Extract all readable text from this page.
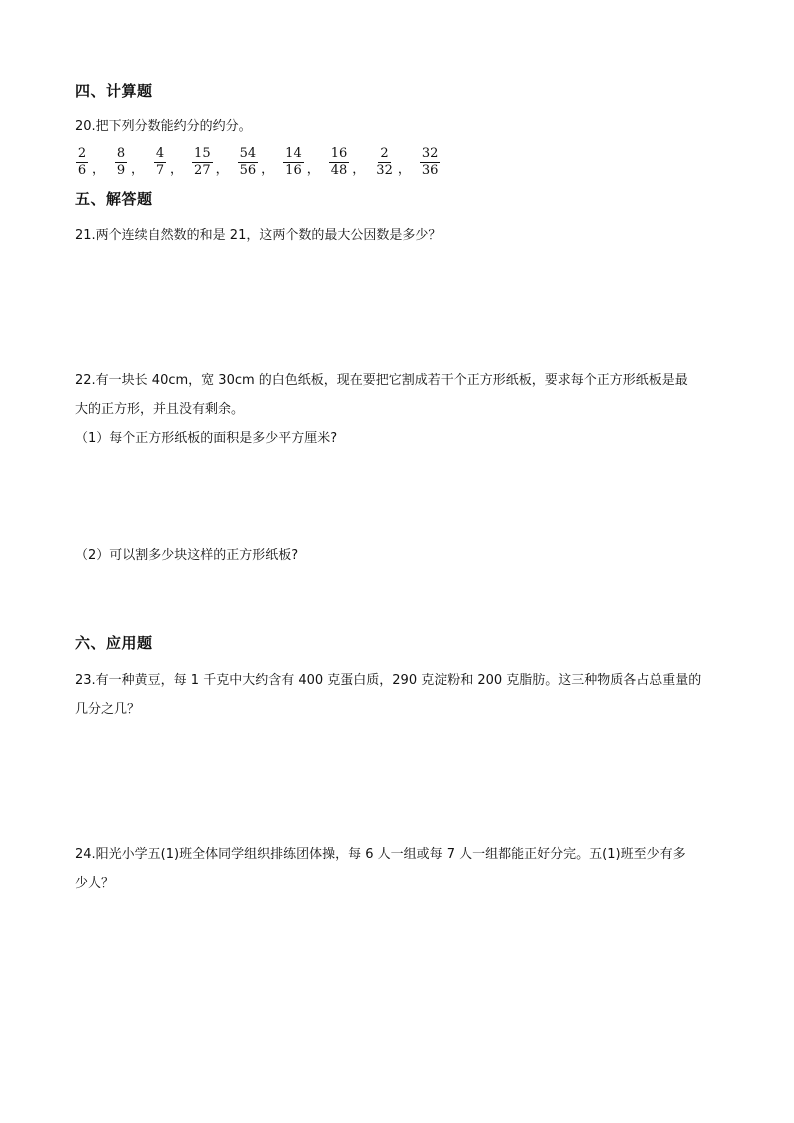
四、计算题
20.把下列分数能约分的约分。
$\frac{2}{6}$ ， $\frac{8}{9}$ ， $\frac{4}{7}$ ， $\frac{15}{27}$ ， $\frac{54}{56}$ ， $\frac{14}{16}$ ， $\frac{16}{48}$ ， $\frac{2}{32}$ ， $\frac{32}{36}$
五、解答题
21.两个连续自然数的和是 21，这两个数的最大公因数是多少？
22.有一块长 40cm，宽 30cm 的白色纸板，现在要把它割成若干个正方形纸板，要求每个正方形纸板是最
大的正方形，并且没有剩余。
（1）每个正方形纸板的面积是多少平方厘米?
（2）可以割多少块这样的正方形纸板?
六、应用题
23.有一种黄豆，每 1 千克中大约含有 400 克蛋白质，290 克淀粉和 200 克脂肪。这三种物质各占总重量的
几分之几？
24.阳光小学五(1)班全体同学组织排练团体操，每 6 人一组或每 7 人一组都能正好分完。五(1)班至少有多
少人？
